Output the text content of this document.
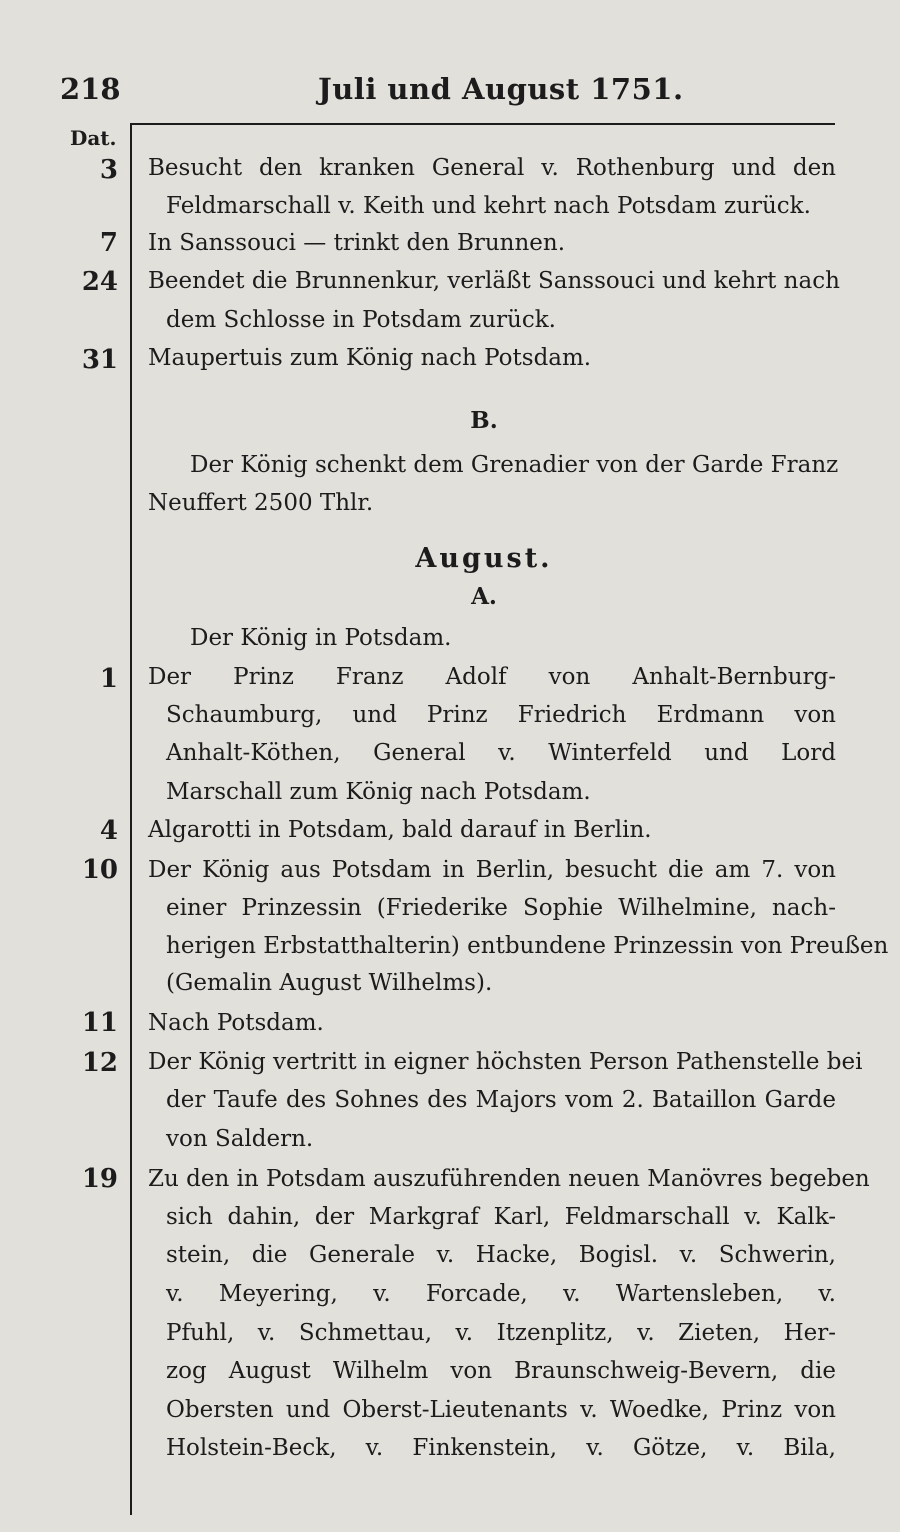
218	Juli und August 1751.
Dat.
3
7
24
31
1
4
10
11
12
19
Besucht den kranken General v. Rothenburg und den
Feldmarschall v. Keith und kehrt nach Potsdam zurück.
In Sanssouci — trinkt den Brunnen.
Beendet die Brunnenkur, verläßt Sanssouci und kehrt nach
dem Schlosse in Potsdam zurück.
Maupertuis zum König nach Potsdam.
B.
Der König schenkt dem Grenadier von der Garde Franz
Neuffert 2500 Thlr.
August.
A.
Der König in Potsdam.
Der Prinz Franz Adolf von Anhalt-Bernburg-
Schaumburg, und Prinz Friedrich Erdmann von
Anhalt-Köthen, General v. Winterfeld und Lord
Marschall zum König nach Potsdam.
Algarotti in Potsdam, bald darauf in Berlin.
Der König aus Potsdam in Berlin, besucht die am 7. von
einer Prinzessin (Friederike Sophie Wilhelmine, nach-
herigen Erbstatthalterin) entbundene Prinzessin von Preußen
(Gemalin August Wilhelms).
Nach Potsdam.
Der König vertritt in eigner höchsten Person Pathenstelle bei
der Taufe des Sohnes des Majors vom 2. Bataillon Garde
von Saldern.
Zu den in Potsdam auszuführenden neuen Manövres begeben
sich dahin, der Markgraf Karl, Feldmarschall v. Kalk-
stein, die Generale v. Hacke, Bogisl. v. Schwerin,
v. Meyering, v. Forcade, v. Wartensleben, v.
Pfuhl, v. Schmettau, v. Itzenplitz, v. Zieten, Her-
zog August Wilhelm von Braunschweig-Bevern, die
Obersten und Oberst-Lieutenants v. Woedke, Prinz von
Holstein-Beck, v. Finkenstein, v. Götze, v. Bila,
